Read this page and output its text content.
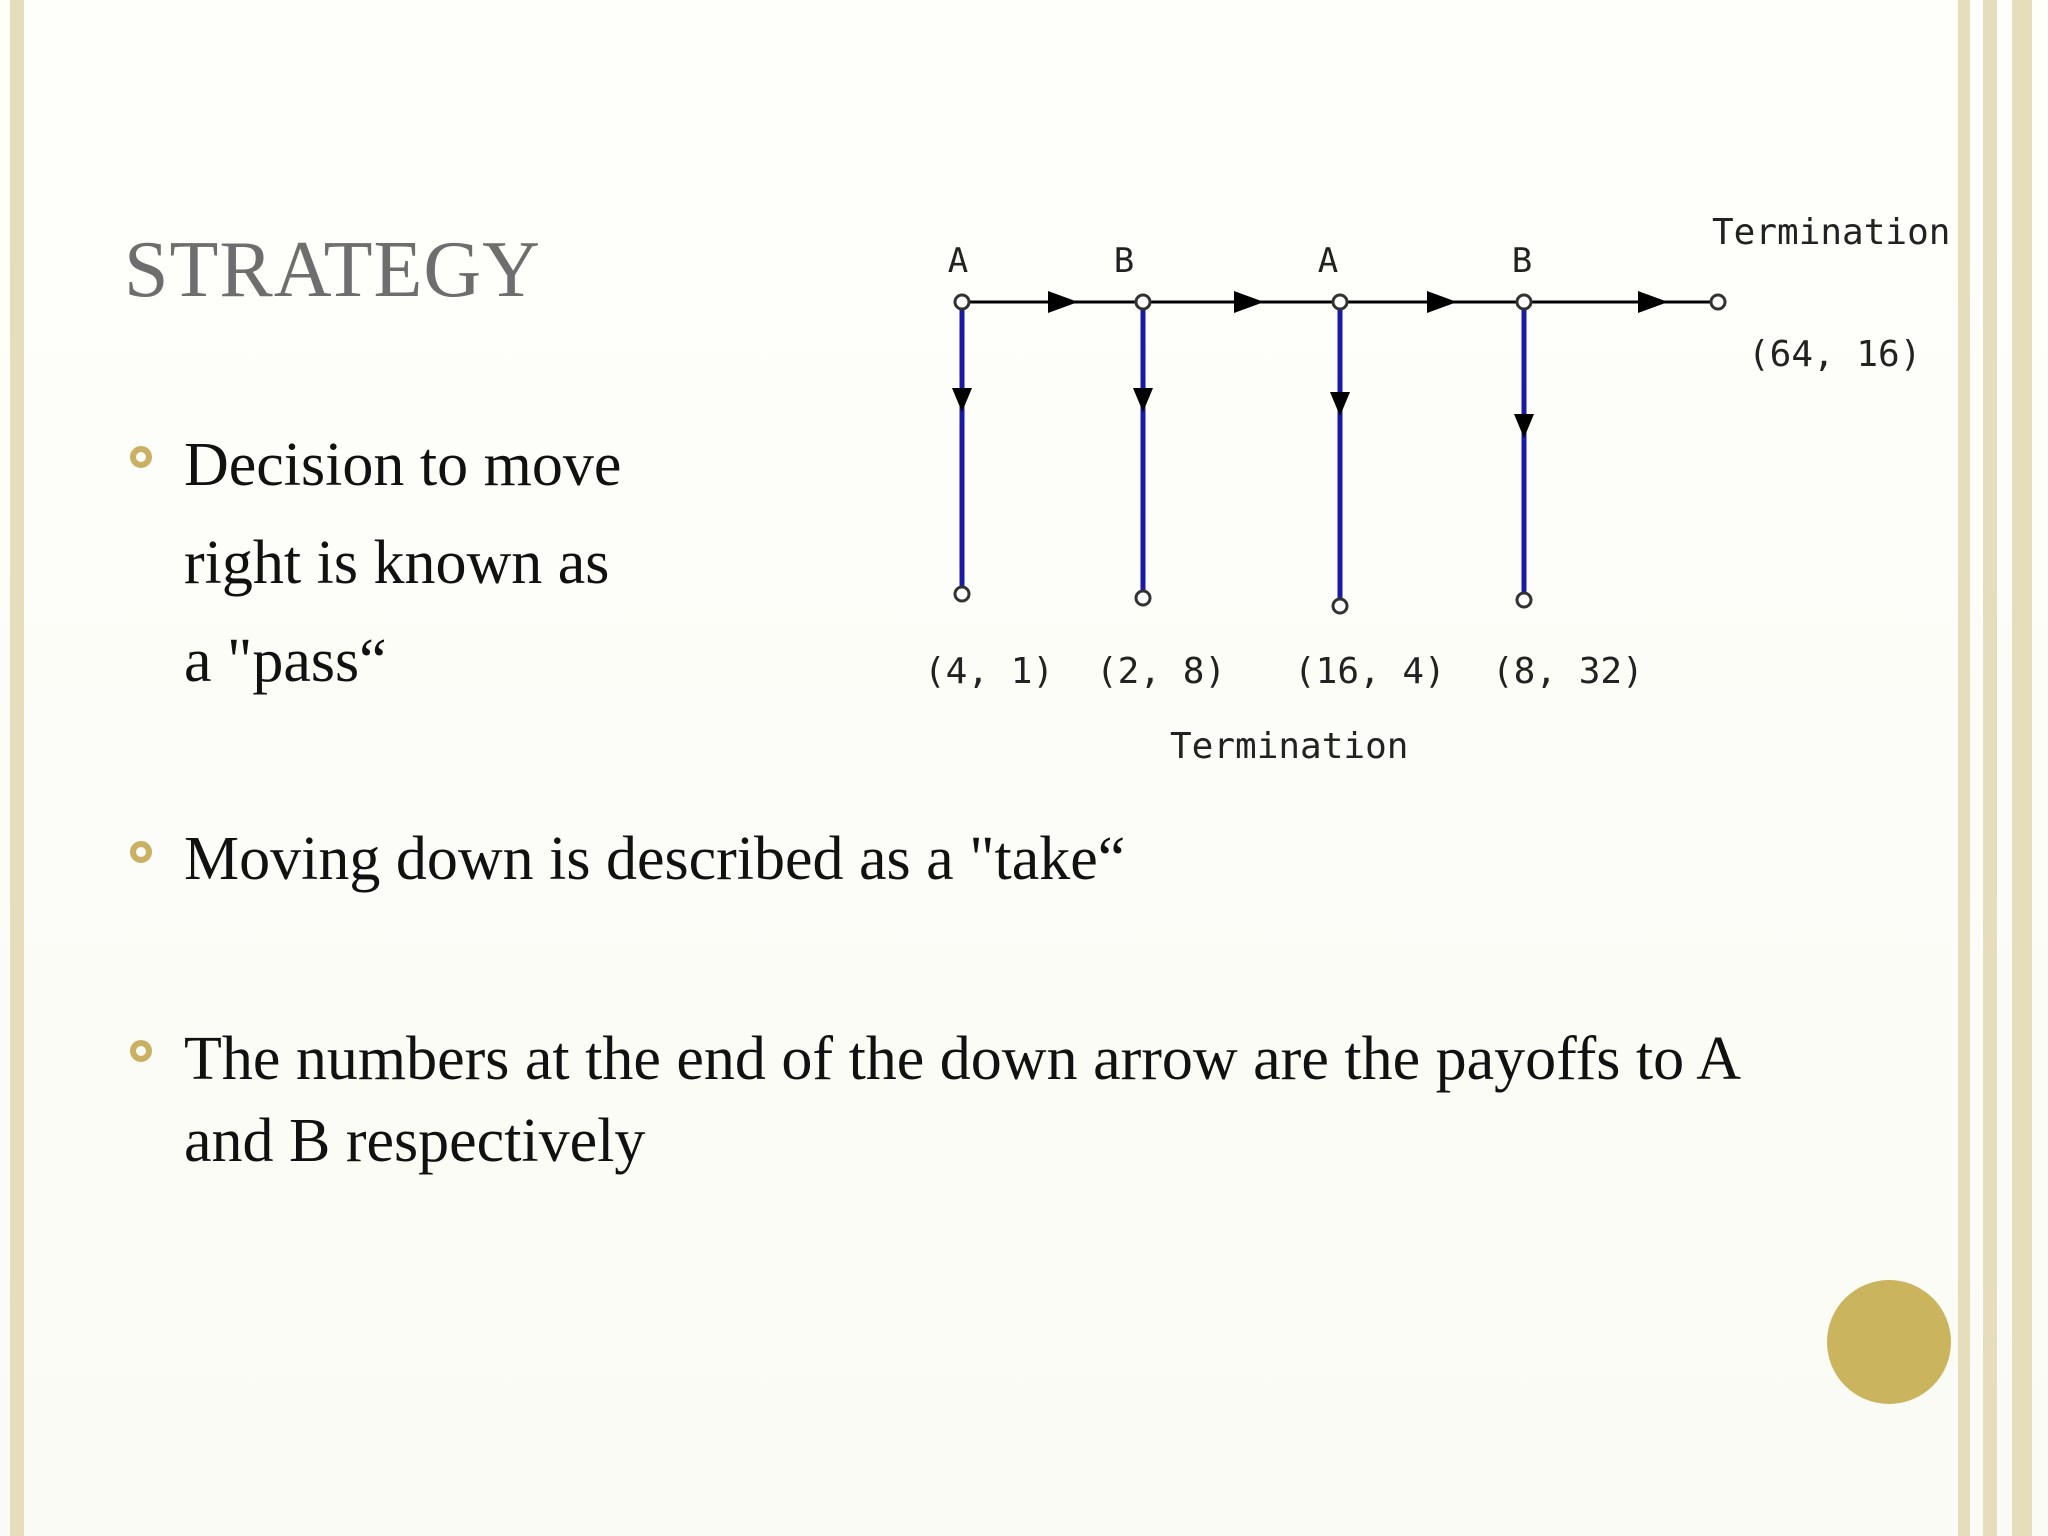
STRATEGY
Decision to move
right is known as
a "pass“
Moving down is described as a "take“
The numbers at the end of the down arrow are the payoffs to A
and B respectively
A	B	A	B
Termination
Termination
(64, 16)
(4, 1) (2, 8) (16, 4) (8, 32)
